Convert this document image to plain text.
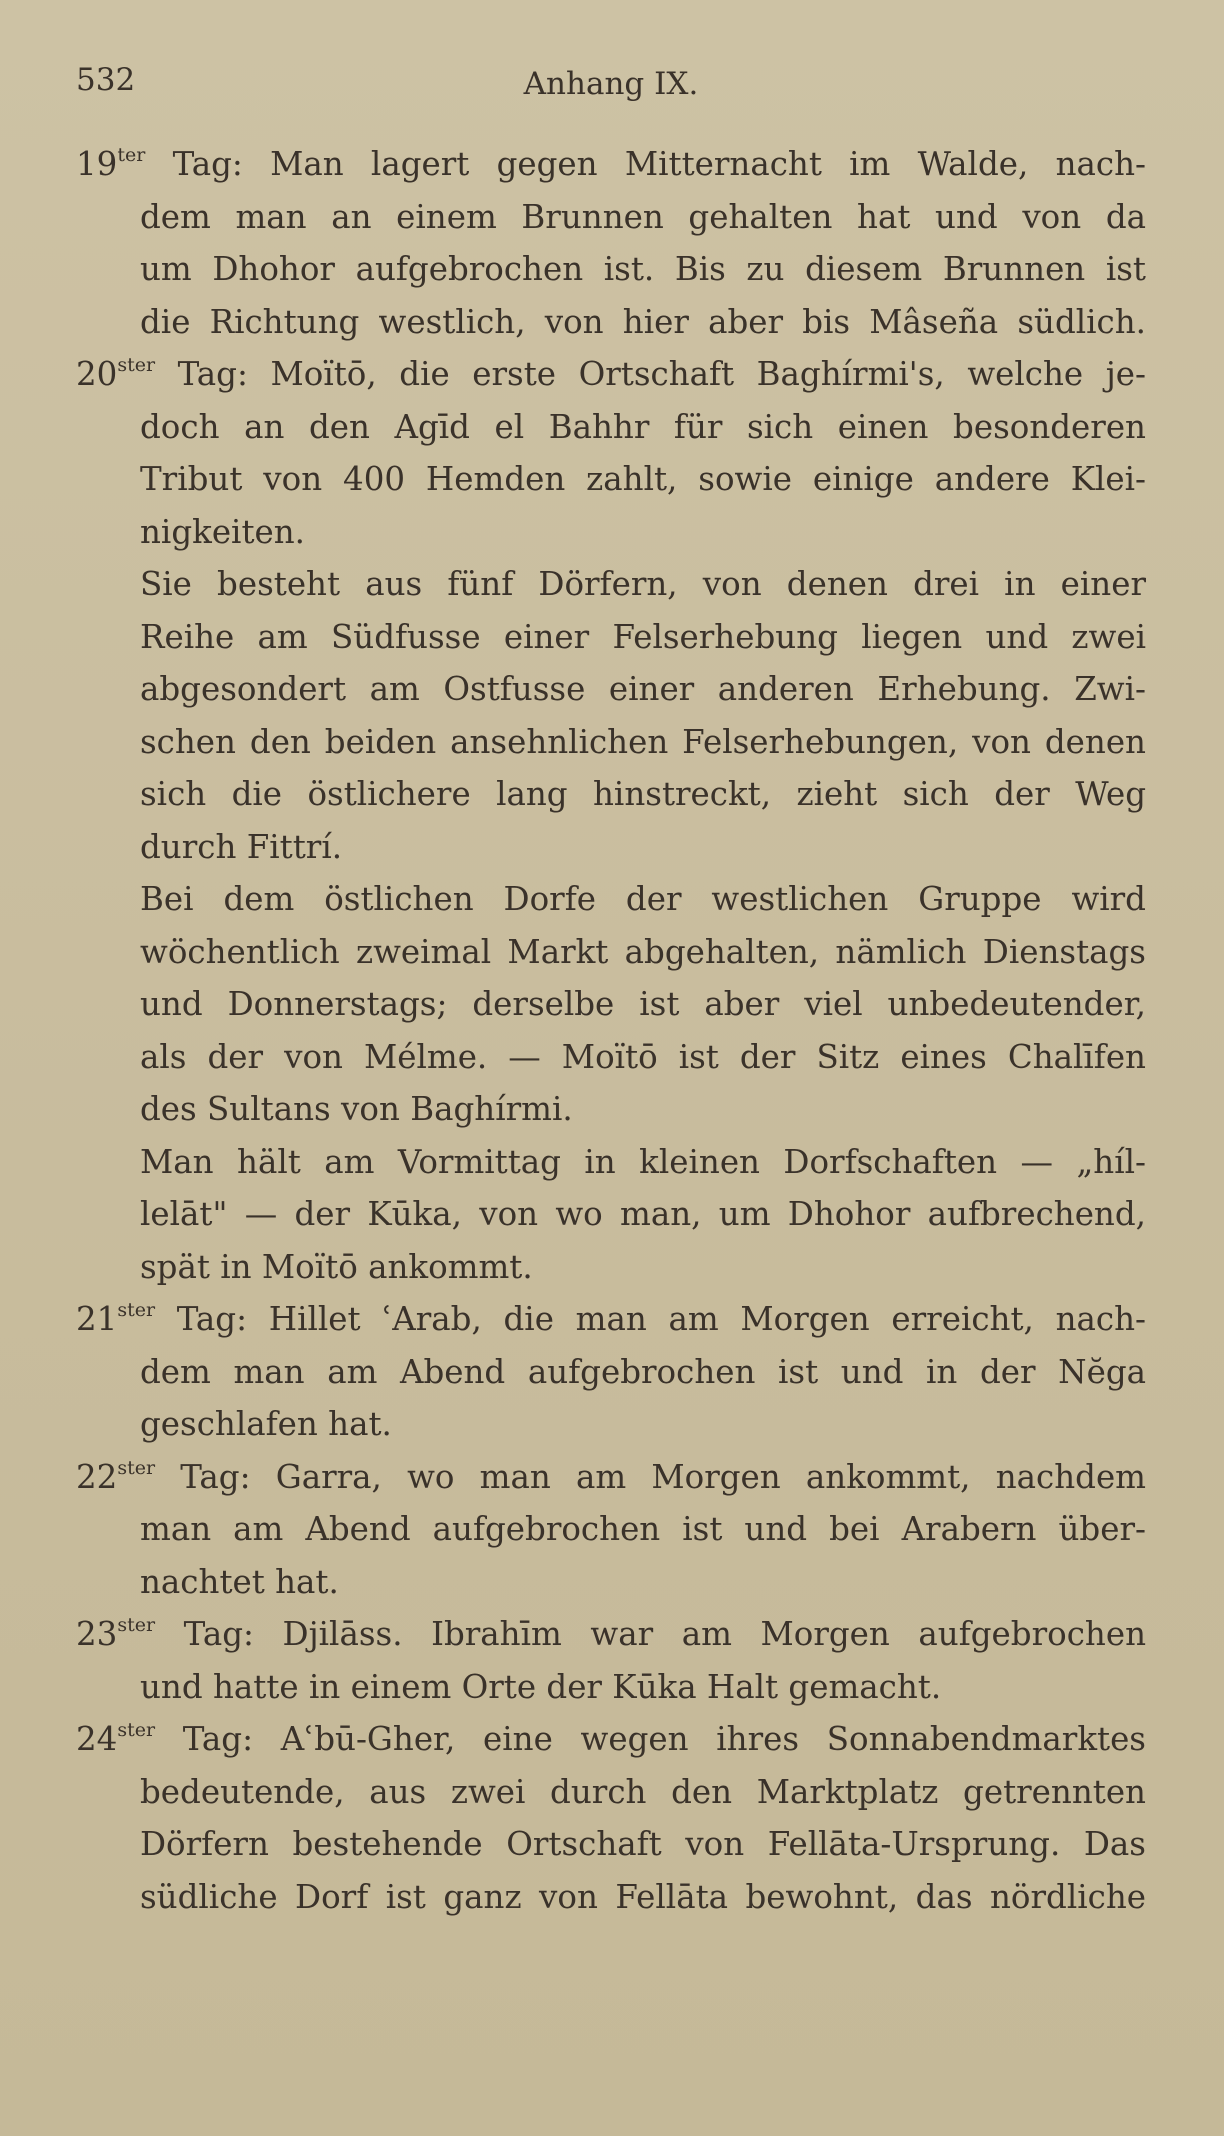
532	Anhang IX.
$19^{ter}$ Tag: Man lagert gegen Mitternacht im Walde, nach-
dem man an einem Brunnen gehalten hat und von da
um Dhohor aufgebrochen ist. Bis zu diesem Brunnen ist
die Richtung westlich, von hier aber bis Mâseña südlich.
$20^{ster}$ Tag: Moïtō, die erste Ortschaft Baghírmi's, welche je-
doch an den Agīd el Bahhr für sich einen besonderen
Tribut von 400 Hemden zahlt, sowie einige andere Klei-
nigkeiten.
Sie besteht aus fünf Dörfern, von denen drei in einer
Reihe am Südfusse einer Felserhebung liegen und zwei
abgesondert am Ostfusse einer anderen Erhebung. Zwi-
schen den beiden ansehnlichen Felserhebungen, von denen
sich die östlichere lang hinstreckt, zieht sich der Weg
durch Fittrí.
Bei dem östlichen Dorfe der westlichen Gruppe wird
wöchentlich zweimal Markt abgehalten, nämlich Dienstags
und Donnerstags; derselbe ist aber viel unbedeutender,
als der von Mélme. — Moïtō ist der Sitz eines Chalīfen
des Sultans von Baghírmi.
Man hält am Vormittag in kleinen Dorfschaften — „híl-
lelāt" — der Kūka, von wo man, um Dhohor aufbrechend,
spät in Moïtō ankommt.
$21^{ster}$ Tag: Hillet ʿArab, die man am Morgen erreicht, nach-
dem man am Abend aufgebrochen ist und in der Nĕga
geschlafen hat.
$22^{ster}$ Tag: Garra, wo man am Morgen ankommt, nachdem
man am Abend aufgebrochen ist und bei Arabern über-
nachtet hat.
$23^{ster}$ Tag: Djilāss. Ibrahīm war am Morgen aufgebrochen
und hatte in einem Orte der Kūka Halt gemacht.
$24^{ster}$ Tag: Aʿbū-Gher, eine wegen ihres Sonnabendmarktes
bedeutende, aus zwei durch den Marktplatz getrennten
Dörfern bestehende Ortschaft von Fellāta-Ursprung. Das
südliche Dorf ist ganz von Fellāta bewohnt, das nördliche
